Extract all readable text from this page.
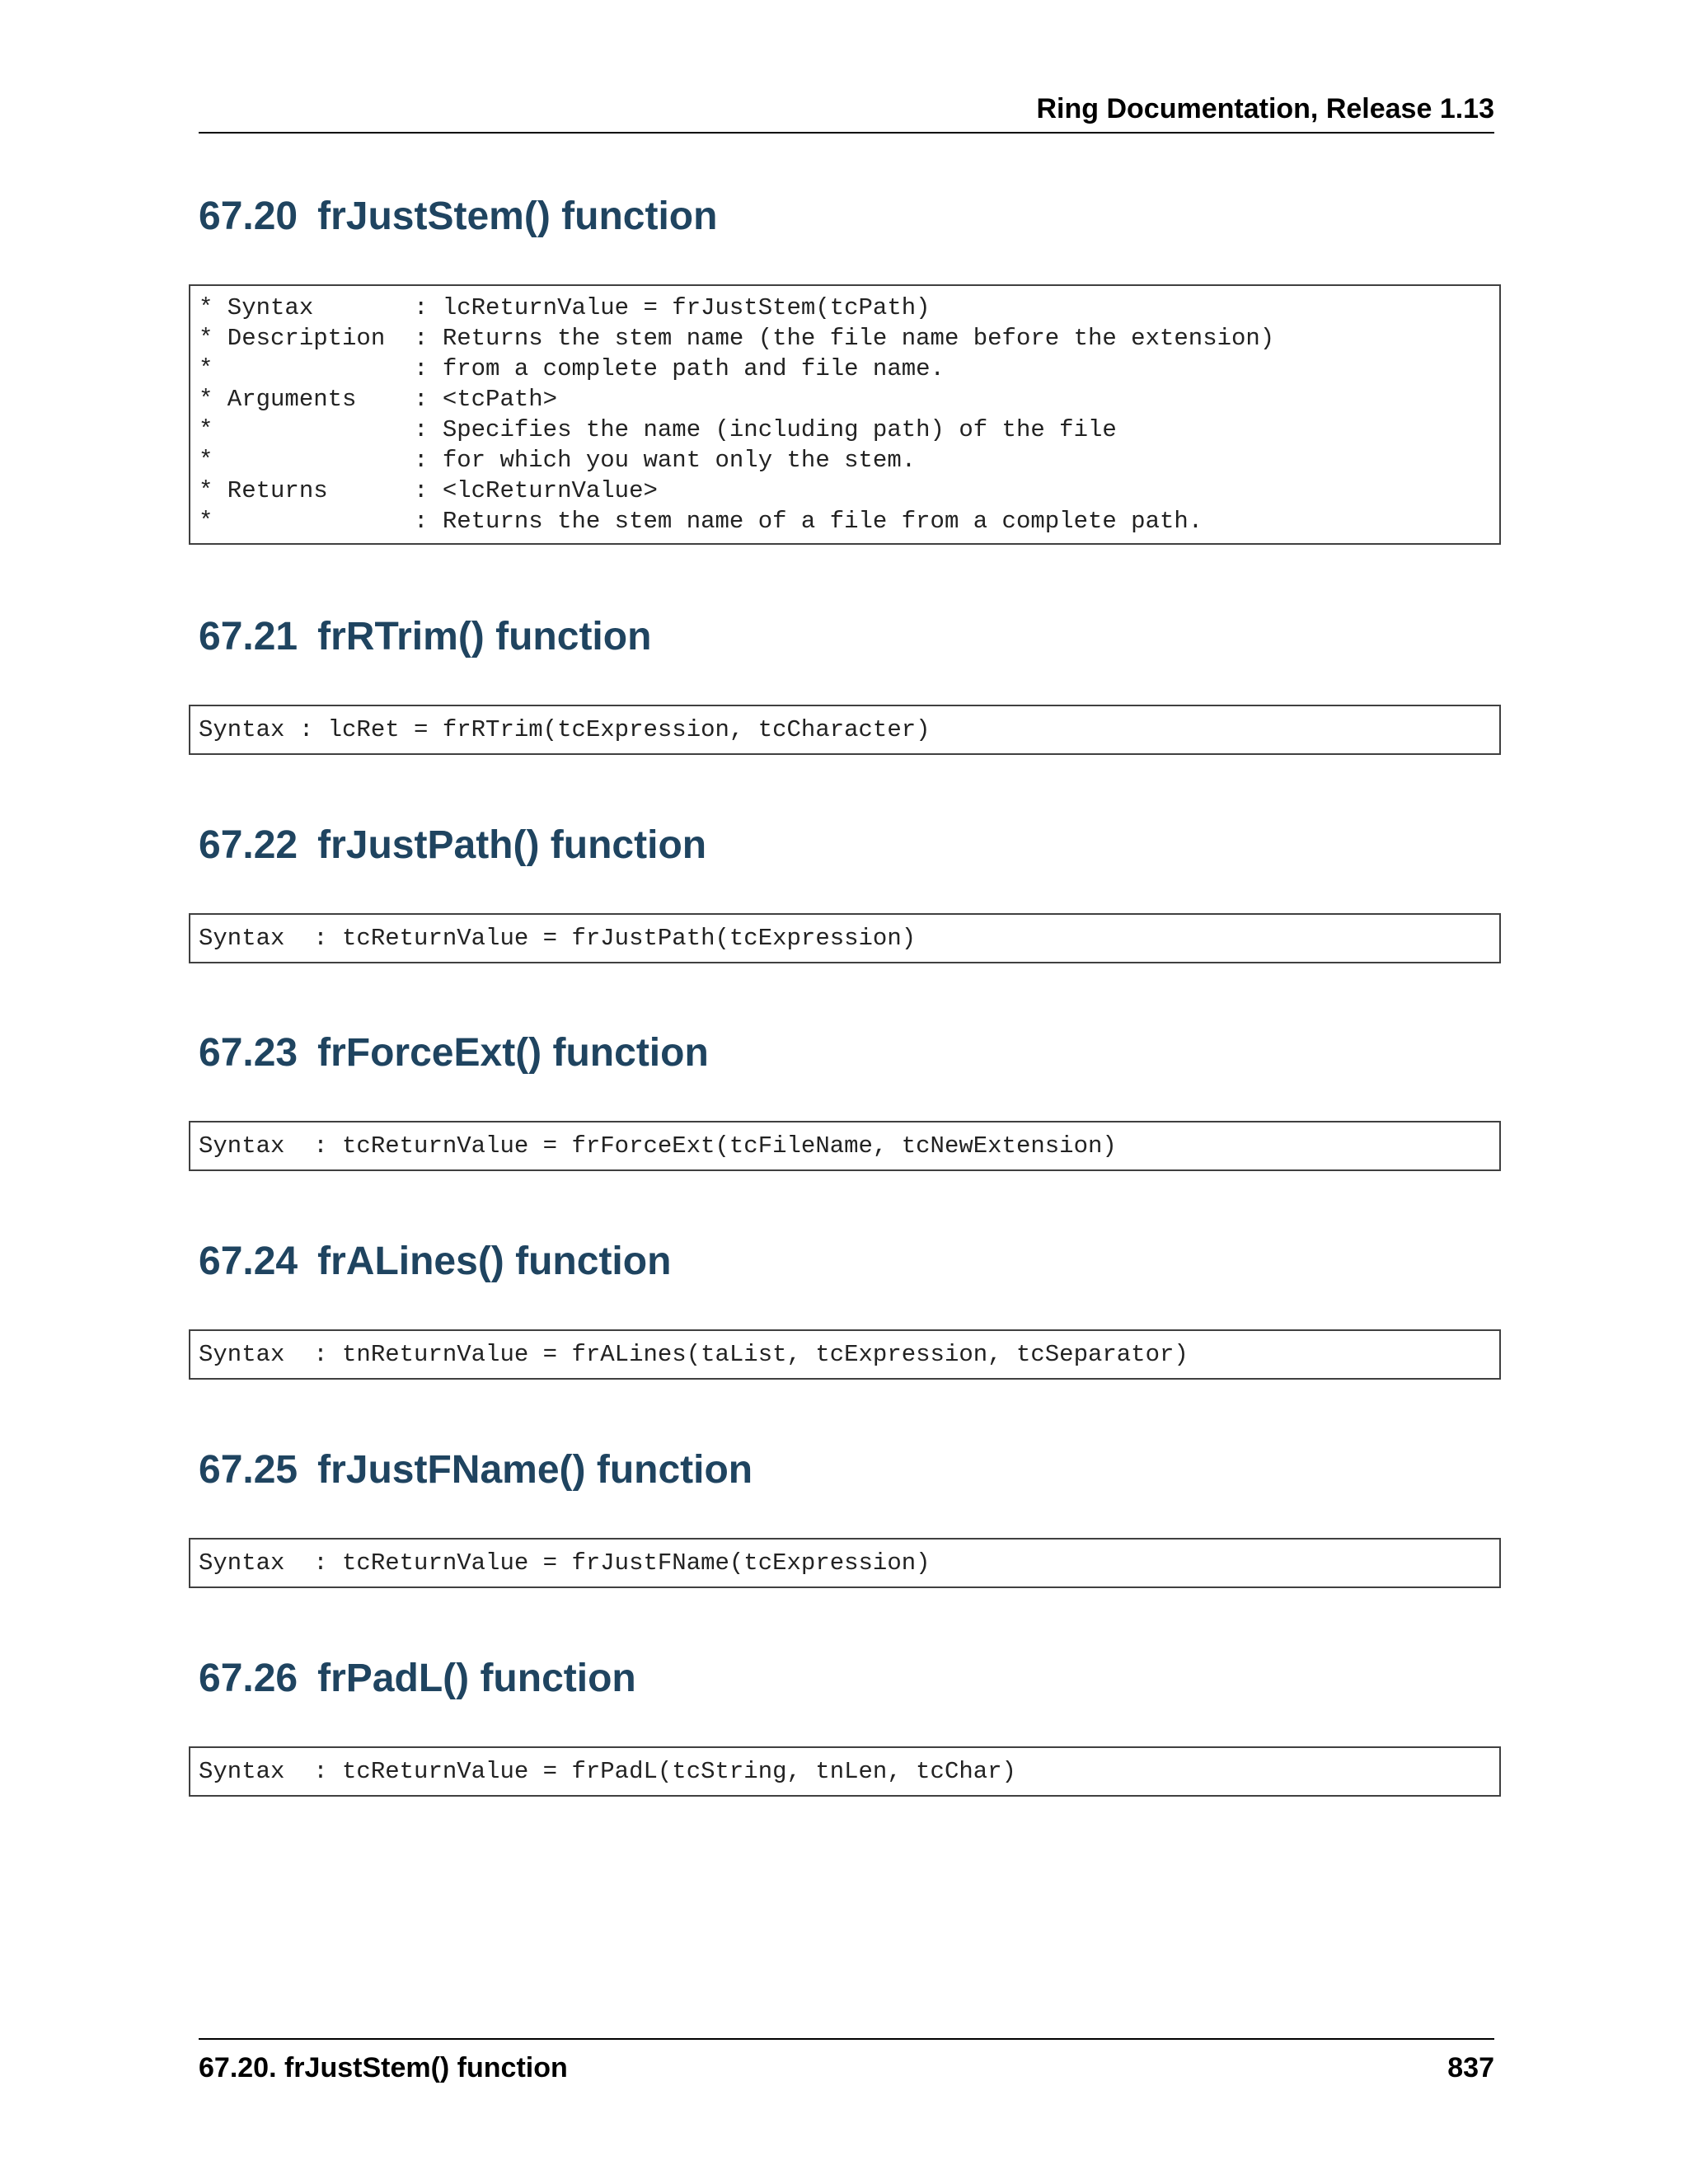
Ring Documentation, Release 1.13
67.20 frJustStem() function
* Syntax       : lcReturnValue = frJustStem(tcPath)
* Description  : Returns the stem name (the file name before the extension)
*              : from a complete path and file name.
* Arguments    : <tcPath>
*              : Specifies the name (including path) of the file
*              : for which you want only the stem.
* Returns      : <lcReturnValue>
*              : Returns the stem name of a file from a complete path.
67.21 frRTrim() function
Syntax : lcRet = frRTrim(tcExpression, tcCharacter)
67.22 frJustPath() function
Syntax  : tcReturnValue = frJustPath(tcExpression)
67.23 frForceExt() function
Syntax  : tcReturnValue = frForceExt(tcFileName, tcNewExtension)
67.24 frALines() function
Syntax  : tnReturnValue = frALines(taList, tcExpression, tcSeparator)
67.25 frJustFName() function
Syntax  : tcReturnValue = frJustFName(tcExpression)
67.26 frPadL() function
Syntax  : tcReturnValue = frPadL(tcString, tnLen, tcChar)
67.20. frJustStem() function	837
